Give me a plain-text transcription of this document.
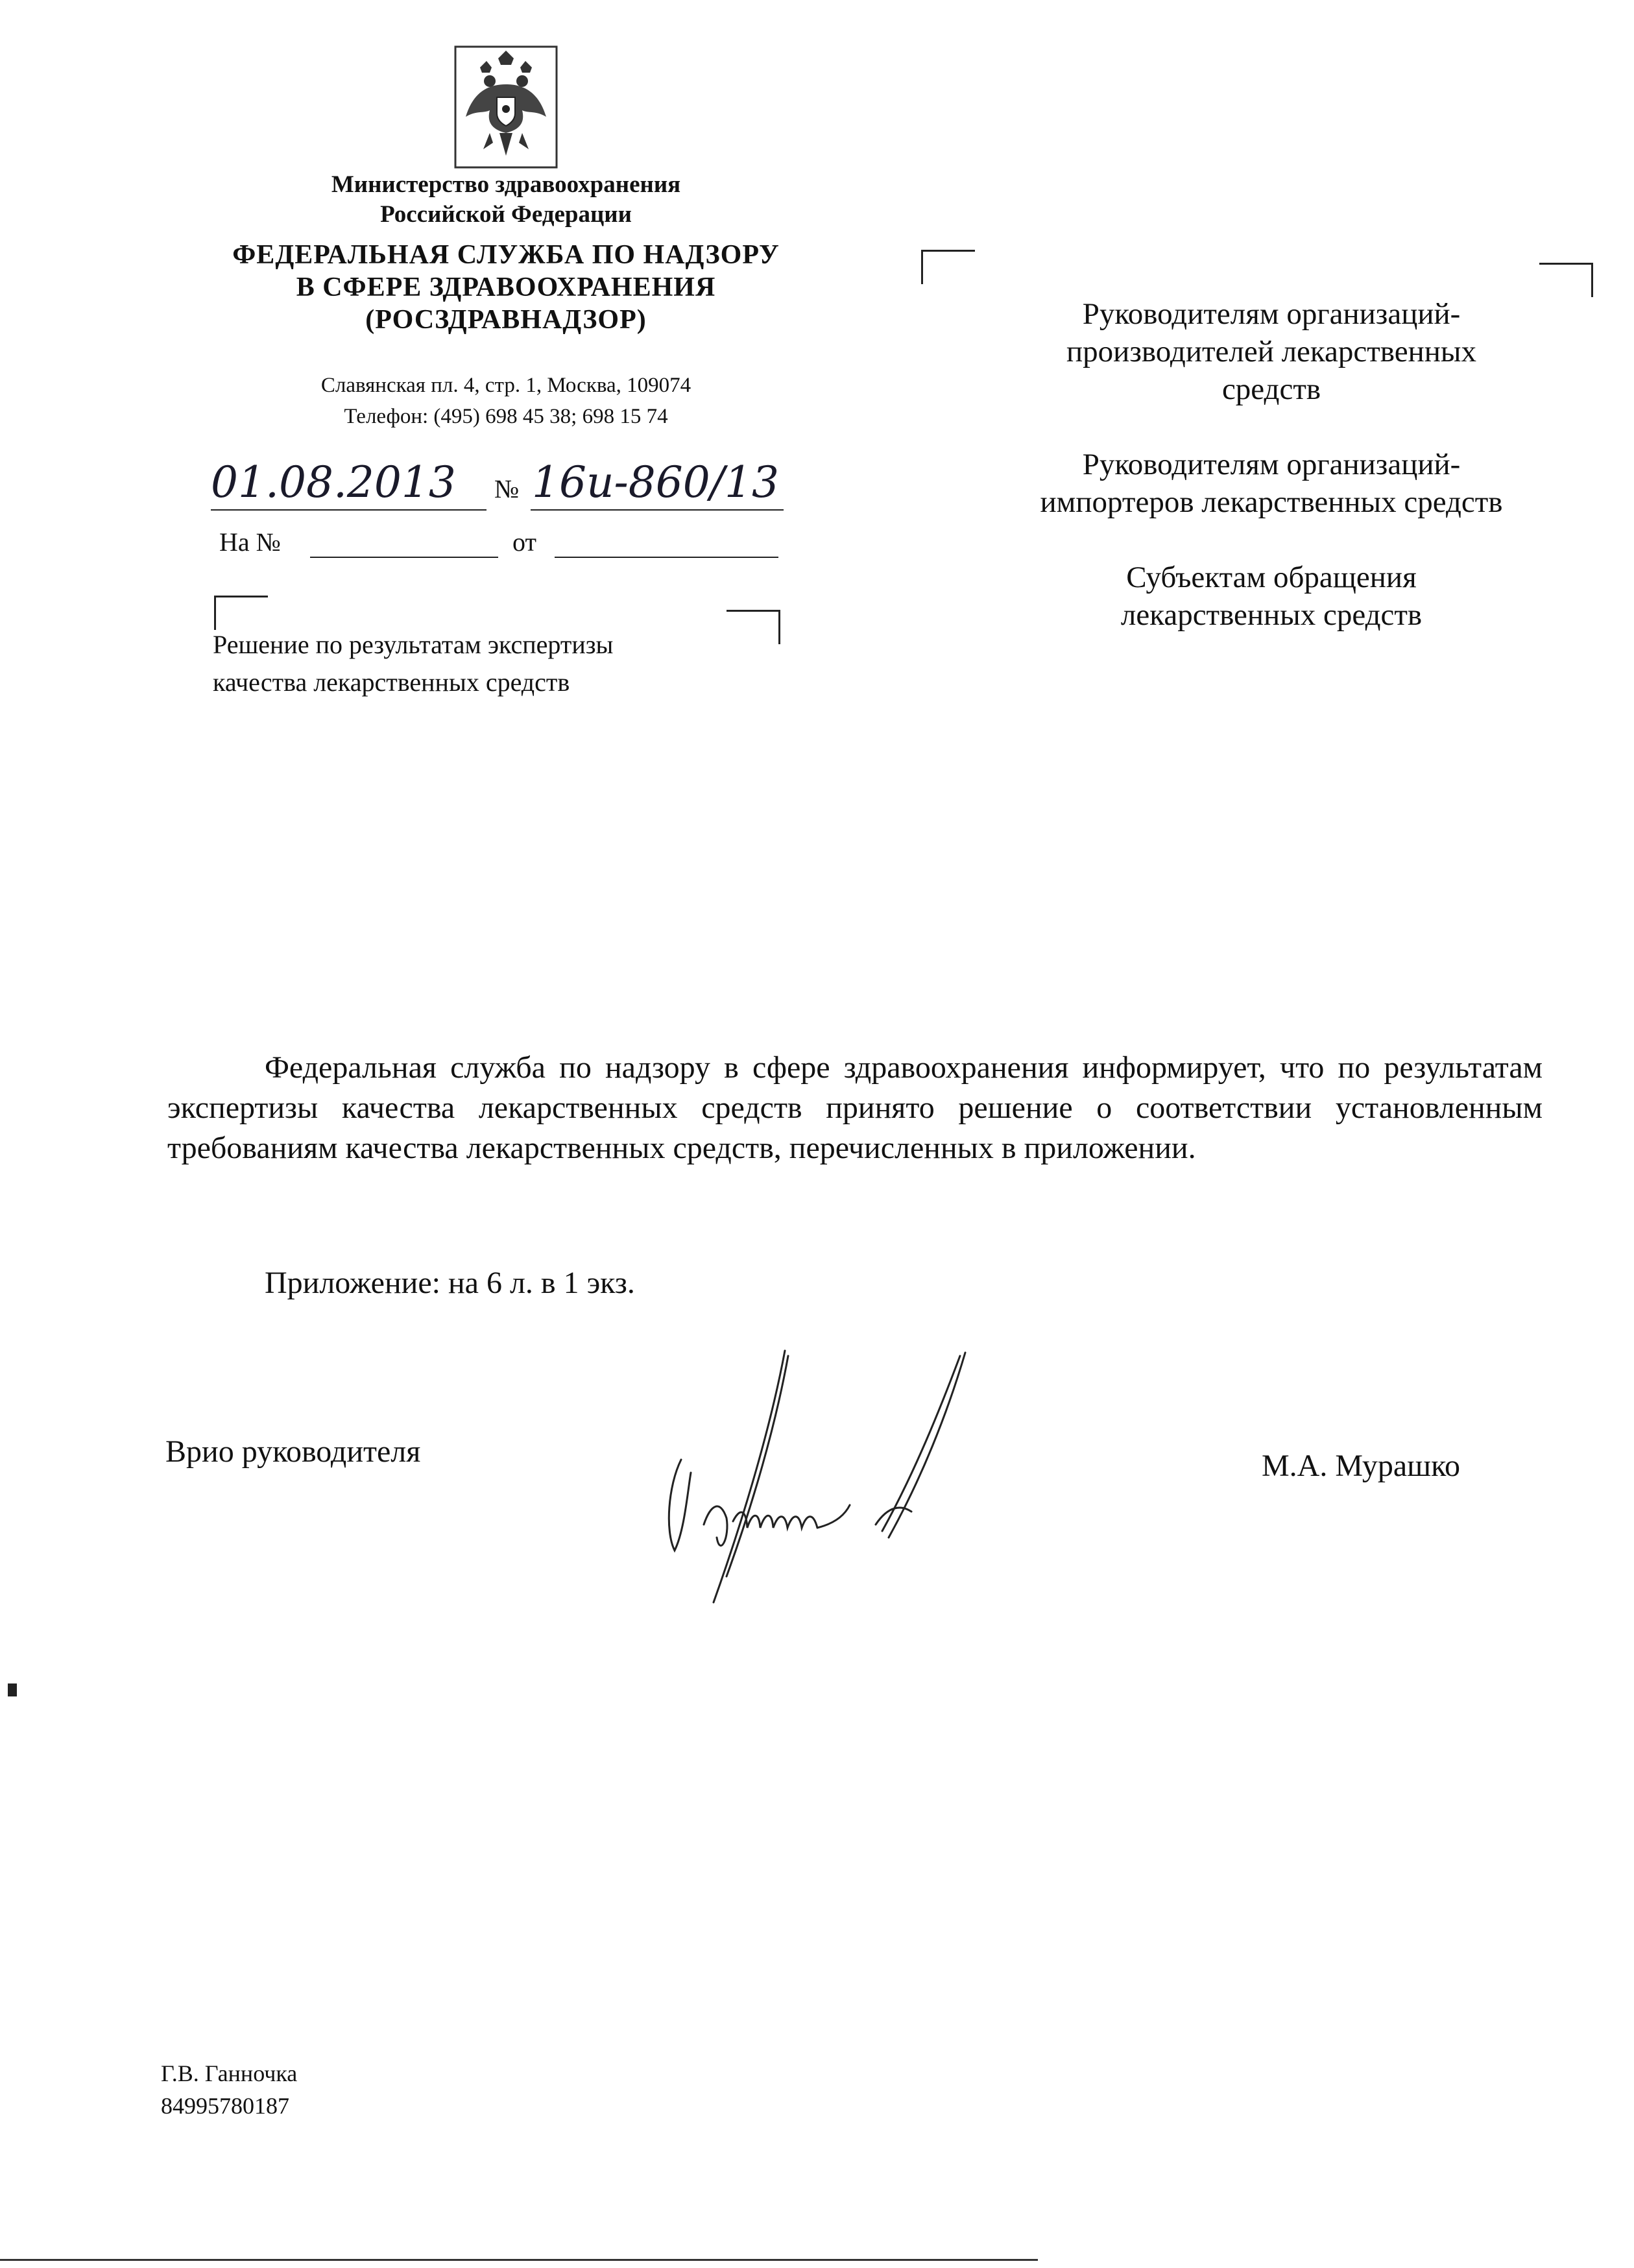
Министерство здравоохранения
Российской Федерации
ФЕДЕРАЛЬНАЯ СЛУЖБА ПО НАДЗОРУ
В СФЕРЕ ЗДРАВООХРАНЕНИЯ
(РОСЗДРАВНАДЗОР)
Славянская пл. 4, стр. 1, Москва, 109074
Телефон: (495) 698 45 38; 698 15 74
01.08.2013 № 16и-860/13
На №	от
Решение по результатам экспертизы
качества лекарственных средств
Руководителям организаций-
производителей лекарственных
средств
Руководителям организаций-
импортеров лекарственных средств
Субъектам обращения
лекарственных средств
Федеральная служба по надзору в сфере здравоохранения информирует, что по результатам экспертизы качества лекарственных средств принято решение о соответствии установленным требованиям качества лекарственных средств, перечисленных в приложении.
Приложение: на 6 л. в 1 экз.
Врио руководителя	М.А. Мурашко
Г.В. Ганночка
84995780187
